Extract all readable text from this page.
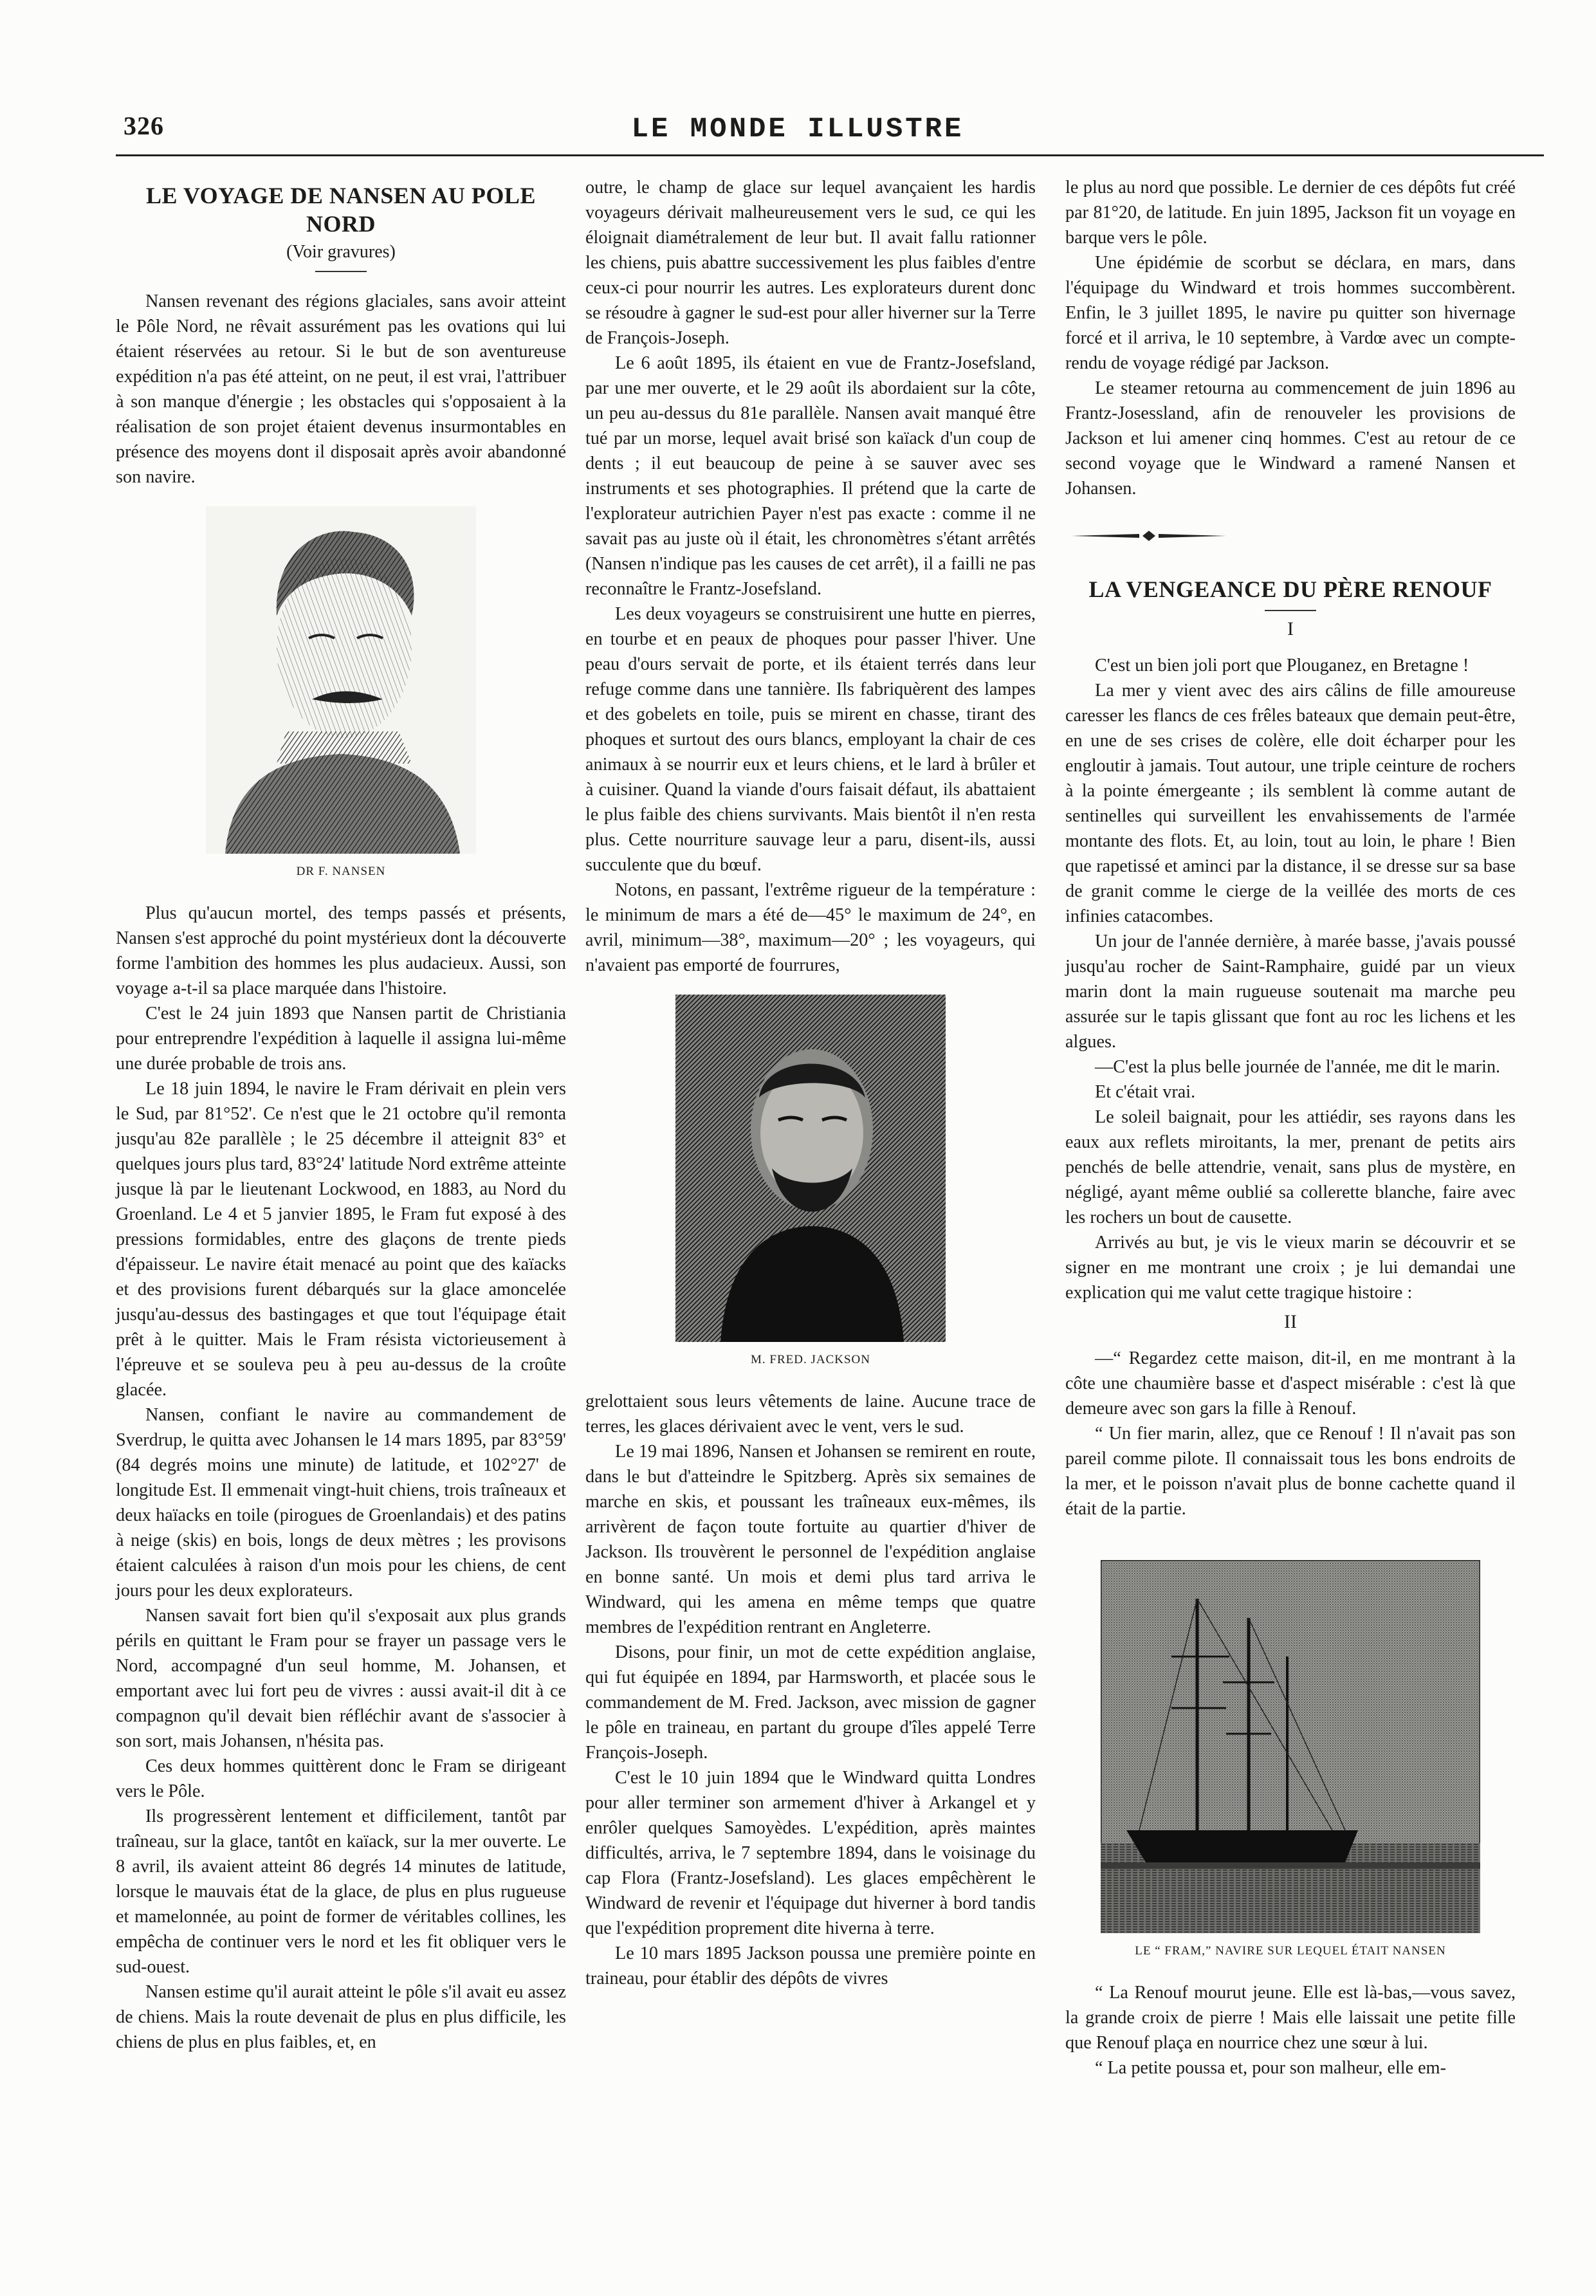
326	LE MONDE ILLUSTRE
LE VOYAGE DE NANSEN AU POLE NORD
(Voir gravures)

Nansen revenant des régions glaciales, sans avoir atteint le Pôle Nord, ne rêvait assurément pas les ovations qui lui étaient réservées au retour. Si le but de son aventureuse expédition n'a pas été atteint, on ne peut, il est vrai, l'attribuer à son manque d'énergie ; les obstacles qui s'opposaient à la réalisation de son projet étaient devenus insurmontables en présence des moyens dont il disposait après avoir abandonné son navire.

DR F. NANSEN

Plus qu'aucun mortel, des temps passés et présents, Nansen s'est approché du point mystérieux dont la découverte forme l'ambition des hommes les plus audacieux. Aussi, son voyage a-t-il sa place marquée dans l'histoire.

C'est le 24 juin 1893 que Nansen partit de Christiania pour entreprendre l'expédition à laquelle il assigna lui-même une durée probable de trois ans.

Le 18 juin 1894, le navire le Fram dérivait en plein vers le Sud, par 81°52'. Ce n'est que le 21 octobre qu'il remonta jusqu'au 82e parallèle ; le 25 décembre il atteignit 83° et quelques jours plus tard, 83°24' latitude Nord extrême atteinte jusque là par le lieutenant Lockwood, en 1883, au Nord du Groenland. Le 4 et 5 janvier 1895, le Fram fut exposé à des pressions formidables, entre des glaçons de trente pieds d'épaisseur. Le navire était menacé au point que des kaïacks et des provisions furent débarqués sur la glace amoncelée jusqu'au-dessus des bastingages et que tout l'équipage était prêt à le quitter. Mais le Fram résista victorieusement à l'épreuve et se souleva peu à peu au-dessus de la croûte glacée.

Nansen, confiant le navire au commandement de Sverdrup, le quitta avec Johansen le 14 mars 1895, par 83°59' (84 degrés moins une minute) de latitude, et 102°27' de longitude Est. Il emmenait vingt-huit chiens, trois traîneaux et deux haïacks en toile (pirogues de Groenlandais) et des patins à neige (skis) en bois, longs de deux mètres ; les provisons étaient calculées à raison d'un mois pour les chiens, de cent jours pour les deux explorateurs.

Nansen savait fort bien qu'il s'exposait aux plus grands périls en quittant le Fram pour se frayer un passage vers le Nord, accompagné d'un seul homme, M. Johansen, et emportant avec lui fort peu de vivres : aussi avait-il dit à ce compagnon qu'il devait bien réfléchir avant de s'associer à son sort, mais Johansen, n'hésita pas.

Ces deux hommes quittèrent donc le Fram se dirigeant vers le Pôle.

Ils progressèrent lentement et difficilement, tantôt par traîneau, sur la glace, tantôt en kaïack, sur la mer ouverte. Le 8 avril, ils avaient atteint 86 degrés 14 minutes de latitude, lorsque le mauvais état de la glace, de plus en plus rugueuse et mamelonnée, au point de former de véritables collines, les empêcha de continuer vers le nord et les fit obliquer vers le sud-ouest.

Nansen estime qu'il aurait atteint le pôle s'il avait eu assez de chiens. Mais la route devenait de plus en plus difficile, les chiens de plus en plus faibles, et, en

outre, le champ de glace sur lequel avançaient les hardis voyageurs dérivait malheureusement vers le sud, ce qui les éloignait diamétralement de leur but. Il avait fallu rationner les chiens, puis abattre successivement les plus faibles d'entre ceux-ci pour nourrir les autres. Les explorateurs durent donc se résoudre à gagner le sud-est pour aller hiverner sur la Terre de François-Joseph.

Le 6 août 1895, ils étaient en vue de Frantz-Josefsland, par une mer ouverte, et le 29 août ils abordaient sur la côte, un peu au-dessus du 81e parallèle. Nansen avait manqué être tué par un morse, lequel avait brisé son kaïack d'un coup de dents ; il eut beaucoup de peine à se sauver avec ses instruments et ses photographies. Il prétend que la carte de l'explorateur autrichien Payer n'est pas exacte : comme il ne savait pas au juste où il était, les chronomètres s'étant arrêtés (Nansen n'indique pas les causes de cet arrêt), il a failli ne pas reconnaître le Frantz-Josefsland.

Les deux voyageurs se construisirent une hutte en pierres, en tourbe et en peaux de phoques pour passer l'hiver. Une peau d'ours servait de porte, et ils étaient terrés dans leur refuge comme dans une tannière. Ils fabriquèrent des lampes et des gobelets en toile, puis se mirent en chasse, tirant des phoques et surtout des ours blancs, employant la chair de ces animaux à se nourrir eux et leurs chiens, et le lard à brûler et à cuisiner. Quand la viande d'ours faisait défaut, ils abattaient le plus faible des chiens survivants. Mais bientôt il n'en resta plus. Cette nourriture sauvage leur a paru, disent-ils, aussi succulente que du bœuf.

Notons, en passant, l'extrême rigueur de la température : le minimum de mars a été de—45° le maximum de 24°, en avril, minimum—38°, maximum—20° ; les voyageurs, qui n'avaient pas emporté de fourrures,

M. FRED. JACKSON

grelottaient sous leurs vêtements de laine. Aucune trace de terres, les glaces dérivaient avec le vent, vers le sud.

Le 19 mai 1896, Nansen et Johansen se remirent en route, dans le but d'atteindre le Spitzberg. Après six semaines de marche en skis, et poussant les traîneaux eux-mêmes, ils arrivèrent de façon toute fortuite au quartier d'hiver de Jackson. Ils trouvèrent le personnel de l'expédition anglaise en bonne santé. Un mois et demi plus tard arriva le Windward, qui les amena en même temps que quatre membres de l'expédition rentrant en Angleterre.

Disons, pour finir, un mot de cette expédition anglaise, qui fut équipée en 1894, par Harmsworth, et placée sous le commandement de M. Fred. Jackson, avec mission de gagner le pôle en traineau, en partant du groupe d'îles appelé Terre François-Joseph.

C'est le 10 juin 1894 que le Windward quitta Londres pour aller terminer son armement d'hiver à Arkangel et y enrôler quelques Samoyèdes. L'expédition, après maintes difficultés, arriva, le 7 septembre 1894, dans le voisinage du cap Flora (Frantz-Josefsland). Les glaces empêchèrent le Windward de revenir et l'équipage dut hiverner à bord tandis que l'expédition proprement dite hiverna à terre.

Le 10 mars 1895 Jackson poussa une première pointe en traineau, pour établir des dépôts de vivres

le plus au nord que possible. Le dernier de ces dépôts fut créé par 81°20, de latitude. En juin 1895, Jackson fit un voyage en barque vers le pôle.

Une épidémie de scorbut se déclara, en mars, dans l'équipage du Windward et trois hommes succombèrent. Enfin, le 3 juillet 1895, le navire pu quitter son hivernage forcé et il arriva, le 10 septembre, à Vardœ avec un compte-rendu de voyage rédigé par Jackson.

Le steamer retourna au commencement de juin 1896 au Frantz-Josessland, afin de renouveler les provisions de Jackson et lui amener cinq hommes. C'est au retour de ce second voyage que le Windward a ramené Nansen et Johansen.

LA VENGEANCE DU PÈRE RENOUF
I

C'est un bien joli port que Plouganez, en Bretagne !

La mer y vient avec des airs câlins de fille amoureuse caresser les flancs de ces frêles bateaux que demain peut-être, en une de ses crises de colère, elle doit écharper pour les engloutir à jamais. Tout autour, une triple ceinture de rochers à la pointe émergeante ; ils semblent là comme autant de sentinelles qui surveillent les envahissements de l'armée montante des flots. Et, au loin, tout au loin, le phare ! Bien que rapetissé et aminci par la distance, il se dresse sur sa base de granit comme le cierge de la veillée des morts de ces infinies catacombes.

Un jour de l'année dernière, à marée basse, j'avais poussé jusqu'au rocher de Saint-Ramphaire, guidé par un vieux marin dont la main rugueuse soutenait ma marche peu assurée sur le tapis glissant que font au roc les lichens et les algues.

—C'est la plus belle journée de l'année, me dit le marin.

Et c'était vrai.

Le soleil baignait, pour les attiédir, ses rayons dans les eaux aux reflets miroitants, la mer, prenant de petits airs penchés de belle attendrie, venait, sans plus de mystère, en négligé, ayant même oublié sa collerette blanche, faire avec les rochers un bout de causette.

Arrivés au but, je vis le vieux marin se découvrir et se signer en me montrant une croix ; je lui demandai une explication qui me valut cette tragique histoire :

II

—“ Regardez cette maison, dit-il, en me montrant à la côte une chaumière basse et d'aspect misérable : c'est là que demeure avec son gars la fille à Renouf.

“ Un fier marin, allez, que ce Renouf ! Il n'avait pas son pareil comme pilote. Il connaissait tous les bons endroits de la mer, et le poisson n'avait plus de bonne cachette quand il était de la partie.

LE “ FRAM,” NAVIRE SUR LEQUEL ÉTAIT NANSEN

“ La Renouf mourut jeune. Elle est là-bas,—vous savez, la grande croix de pierre ! Mais elle laissait une petite fille que Renouf plaça en nourrice chez une sœur à lui.

“ La petite poussa et, pour son malheur, elle em-
